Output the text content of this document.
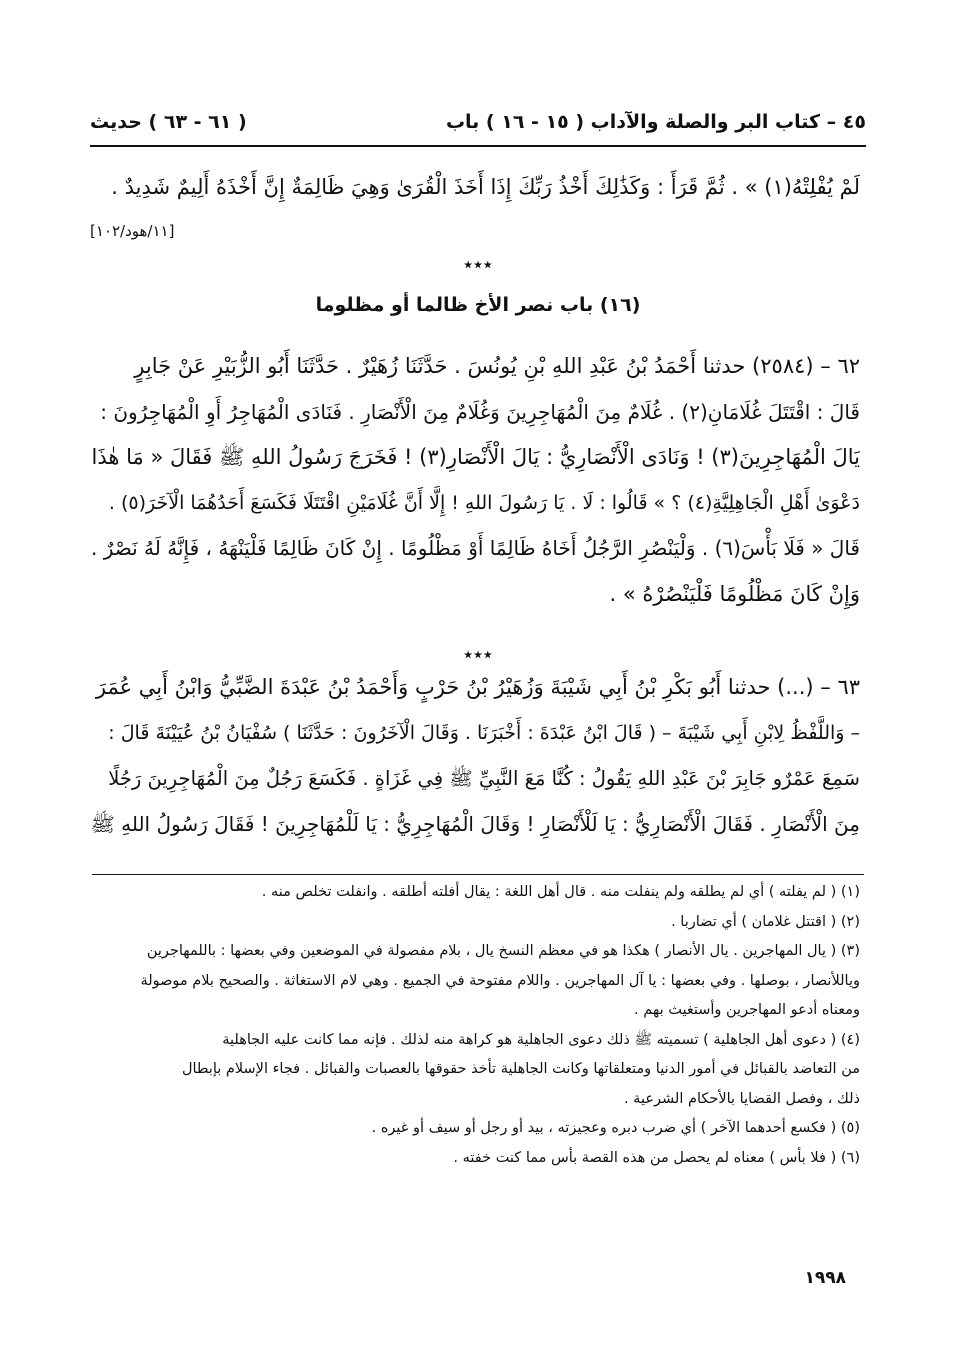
٤٥ – كتاب البر والصلة والآداب ( ١٥ - ١٦ ) باب
( ٦١ - ٦٣ ) حديث
لَمْ يُفْلِتْهُ(١) » . ثُمَّ قَرَأَ : وَكَذَٰلِكَ أَخْذُ رَبِّكَ إِذَا أَخَذَ الْقُرَىٰ وَهِيَ ظَالِمَةٌ إِنَّ أَخْذَهُ أَلِيمٌ شَدِيدٌ .
[١١/هود/١٠٢]
٭٭٭
(١٦) باب نصر الأخ ظالما أو مظلوما
٦٢ – (٢٥٨٤) حدثنا أَحْمَدُ بْنُ عَبْدِ اللهِ بْنِ يُونُسَ . حَدَّثَنَا زُهَيْرٌ . حَدَّثَنَا أَبُو الزُّبَيْرِ عَنْ جَابِرٍ
قَالَ : اقْتَتَلَ غُلَامَانِ(٢) . غُلَامٌ مِنَ الْمُهَاجِرِينَ وَغُلَامٌ مِنَ الْأَنْصَارِ . فَنَادَى الْمُهَاجِرُ أَوِ الْمُهَاجِرُونَ :
يَالَ الْمُهَاجِرِينَ(٣) ! وَنَادَى الْأَنْصَارِيُّ : يَالَ الْأَنْصَارِ(٣) ! فَخَرَجَ رَسُولُ اللهِ ﷺ فَقَالَ « مَا هٰذَا
دَعْوَىٰ أَهْلِ الْجَاهِلِيَّةِ(٤) ؟ » قَالُوا : لَا . يَا رَسُولَ اللهِ ! إِلَّا أَنَّ غُلَامَيْنِ اقْتَتَلَا فَكَسَعَ أَحَدُهُمَا الْآخَرَ(٥) .
قَالَ « فَلَا بَأْسَ(٦) . وَلْيَنْصُرِ الرَّجُلُ أَخَاهُ ظَالِمًا أَوْ مَظْلُومًا . إِنْ كَانَ ظَالِمًا فَلْيَنْهَهُ ، فَإِنَّهُ لَهُ نَصْرٌ .
وَإِنْ كَانَ مَظْلُومًا فَلْيَنْصُرْهُ » .
٭٭٭
٦٣ – (...) حدثنا أَبُو بَكْرِ بْنُ أَبِي شَيْبَةَ وَزُهَيْرُ بْنُ حَرْبٍ وَأَحْمَدُ بْنُ عَبْدَةَ الضَّبِّيُّ وَابْنُ أَبِي عُمَرَ
– وَاللَّفْظُ لِابْنِ أَبِي شَيْبَةَ – ( قَالَ ابْنُ عَبْدَةَ : أَخْبَرَنَا . وَقَالَ الْآخَرُونَ : حَدَّثَنَا ) سُفْيَانُ بْنُ عُيَيْنَةَ قَالَ :
سَمِعَ عَمْرٌو جَابِرَ بْنَ عَبْدِ اللهِ يَقُولُ : كُنَّا مَعَ النَّبِيِّ ﷺ فِي غَزَاةٍ . فَكَسَعَ رَجُلٌ مِنَ الْمُهَاجِرِينَ رَجُلًا
مِنَ الْأَنْصَارِ . فَقَالَ الْأَنْصَارِيُّ : يَا لَلْأَنْصَارِ ! وَقَالَ الْمُهَاجِرِيُّ : يَا لَلْمُهَاجِرِينَ ! فَقَالَ رَسُولُ اللهِ ﷺ
(١) ( لم يفلته ) أي لم يطلقه ولم ينفلت منه . قال أهل اللغة : يقال أفلته أطلقه . وانفلت تخلص منه .
(٢) ( اقتتل غلامان ) أي تضاربا .
(٣) ( يال المهاجرين . يال الأنصار ) هكذا هو في معظم النسخ يال ، بلام مفصولة في الموضعين وفي بعضها : باللمهاجرين
وياللأنصار ، بوصلها . وفي بعضها : يا آل المهاجرين . واللام مفتوحة في الجميع . وهي لام الاستغاثة . والصحيح بلام موصولة
ومعناه أدعو المهاجرين وأستغيث بهم .
(٤) ( دعوى أهل الجاهلية ) تسميته ﷺ ذلك دعوى الجاهلية هو كراهة منه لذلك . فإنه مما كانت عليه الجاهلية
من التعاضد بالقبائل في أمور الدنيا ومتعلقاتها وكانت الجاهلية تأخذ حقوقها بالعصبات والقبائل . فجاء الإسلام بإبطال
ذلك ، وفصل القضايا بالأحكام الشرعية .
(٥) ( فكسع أحدهما الآخر ) أي ضرب دبره وعجيزته ، بيد أو رجل أو سيف أو غيره .
(٦) ( فلا بأس ) معناه لم يحصل من هذه القصة بأس مما كنت خفته .
١٩٩٨
